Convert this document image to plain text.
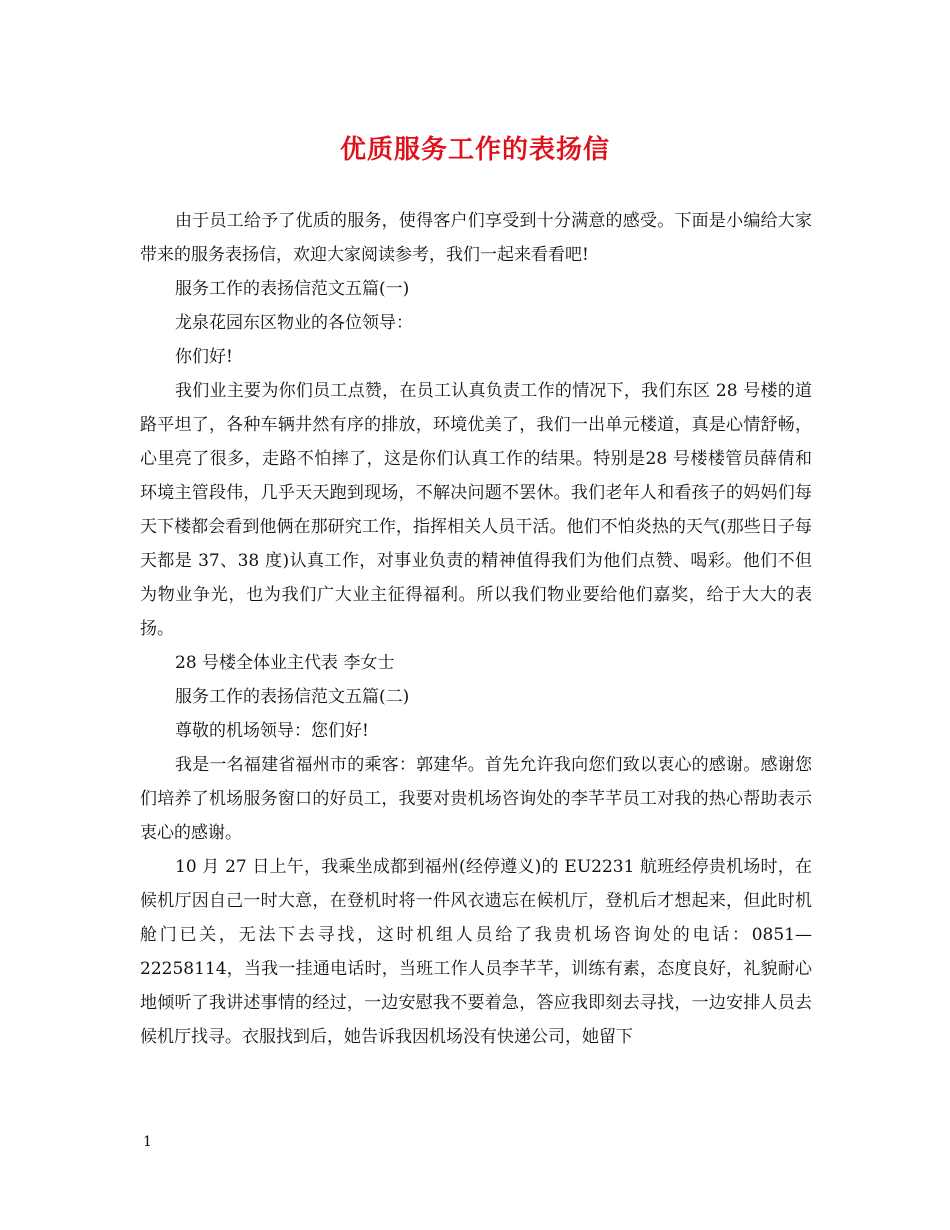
优质服务工作的表扬信

由于员工给予了优质的服务，使得客户们享受到十分满意的感受。下面是小编给大家带来的服务表扬信，欢迎大家阅读参考，我们一起来看看吧!

服务工作的表扬信范文五篇(一)

龙泉花园东区物业的各位领导：

你们好!

我们业主要为你们员工点赞，在员工认真负责工作的情况下，我们东区 28 号楼的道路平坦了，各种车辆井然有序的排放，环境优美了，我们一出单元楼道，真是心情舒畅，心里亮了很多，走路不怕摔了，这是你们认真工作的结果。特别是28 号楼楼管员薛倩和环境主管段伟，几乎天天跑到现场，不解决问题不罢休。我们老年人和看孩子的妈妈们每天下楼都会看到他俩在那研究工作，指挥相关人员干活。他们不怕炎热的天气(那些日子每天都是 37、38 度)认真工作，对事业负责的精神值得我们为他们点赞、喝彩。他们不但为物业争光，也为我们广大业主征得福利。所以我们物业要给他们嘉奖，给于大大的表扬。

28 号楼全体业主代表 李女士

服务工作的表扬信范文五篇(二)

尊敬的机场领导：您们好!

我是一名福建省福州市的乘客：郭建华。首先允许我向您们致以衷心的感谢。感谢您们培养了机场服务窗口的好员工，我要对贵机场咨询处的李芊芊员工对我的热心帮助表示衷心的感谢。

10 月 27 日上午，我乘坐成都到福州(经停遵义)的 EU2231 航班经停贵机场时，在候机厅因自己一时大意，在登机时将一件风衣遗忘在候机厅，登机后才想起来，但此时机舱门已关，无法下去寻找，这时机组人员给了我贵机场咨询处的电话：0851—22258114，当我一挂通电话时，当班工作人员李芊芊，训练有素，态度良好，礼貌耐心地倾听了我讲述事情的经过，一边安慰我不要着急，答应我即刻去寻找，一边安排人员去候机厅找寻。衣服找到后，她告诉我因机场没有快递公司，她留下

1
